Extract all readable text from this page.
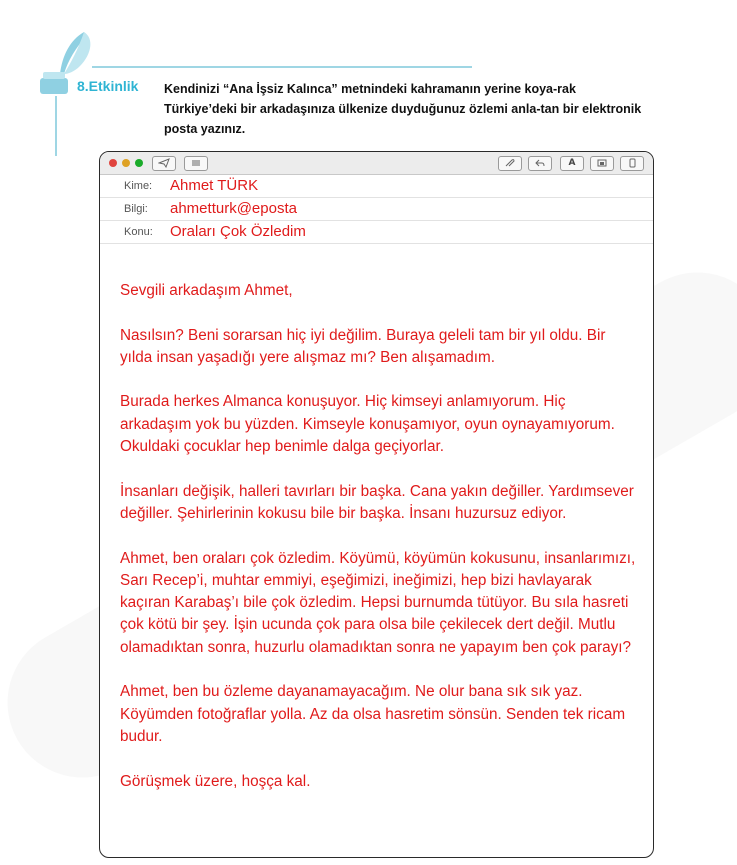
8.Etkinlik Kendinizi “Ana İşsiz Kalınca” metnindeki kahramanın yerine koya-rak Türkiye’deki bir arkadaşınıza ülkenize duyduğunuz özlemi anla-tan bir elektronik posta yazınız.
A
Kime: Ahmet TÜRK
Bilgi: ahmetturk@eposta
Konu: Oraları Çok Özledim

Sevgili arkadaşım Ahmet,

Nasılsın? Beni sorarsan hiç iyi değilim. Buraya geleli tam bir yıl oldu. Bir yılda insan yaşadığı yere alışmaz mı? Ben alışamadım.

Burada herkes Almanca konuşuyor. Hiç kimseyi anlamıyorum. Hiç arkadaşım yok bu yüzden. Kimseyle konuşamıyor, oyun oynayamıyorum. Okuldaki çocuklar hep benimle dalga geçiyorlar.

İnsanları değişik, halleri tavırları bir başka. Cana yakın değiller. Yardımsever değiller. Şehirlerinin kokusu bile bir başka. İnsanı huzursuz ediyor.

Ahmet, ben oraları çok özledim. Köyümü, köyümün kokusunu, insanlarımızı, Sarı Recep’i, muhtar emmiyi, eşeğimizi, ineğimizi, hep bizi havlayarak kaçıran Karabaş’ı bile çok özledim. Hepsi burnumda tütüyor. Bu sıla hasreti çok kötü bir şey. İşin ucunda çok para olsa bile çekilecek dert değil. Mutlu olamadıktan sonra, huzurlu olamadıktan sonra ne yapayım ben çok parayı?

Ahmet, ben bu özleme dayanamayacağım. Ne olur bana sık sık yaz. Köyümden fotoğraflar yolla. Az da olsa hasretim sönsün. Senden tek ricam budur.

Görüşmek üzere, hoşça kal.
